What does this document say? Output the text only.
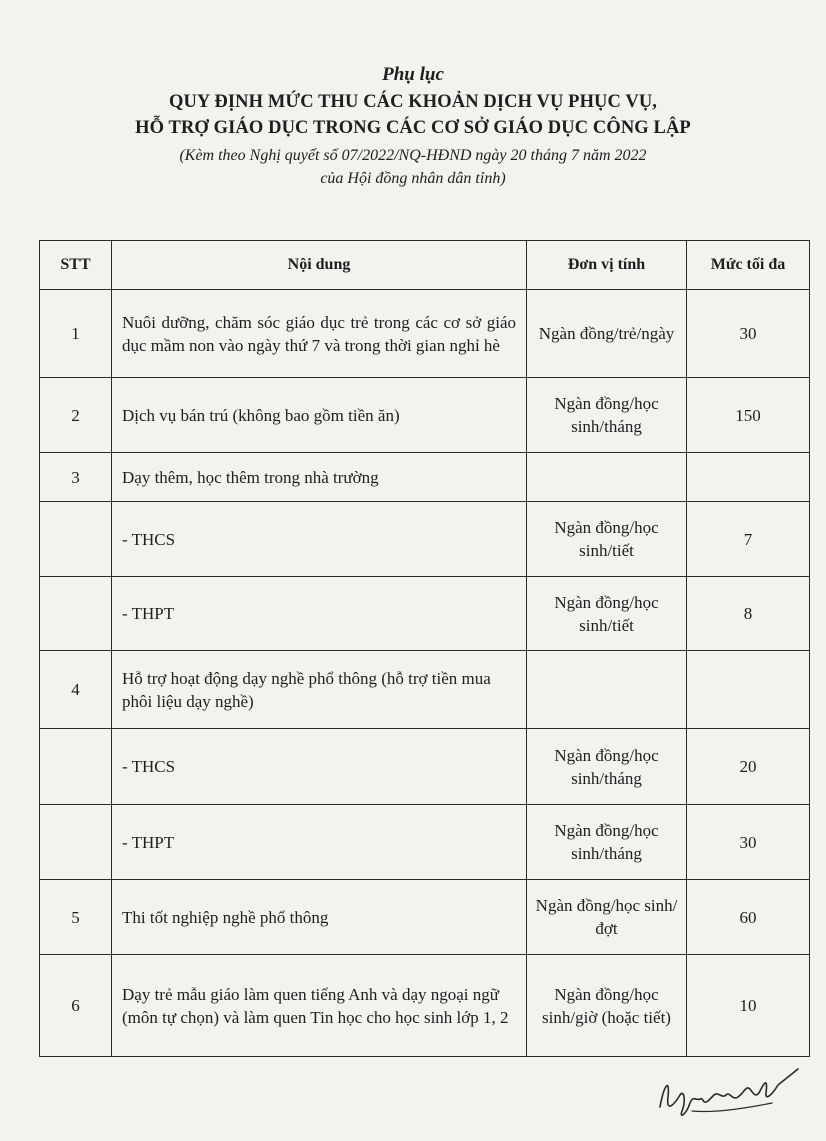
Phụ lục
QUY ĐỊNH MỨC THU CÁC KHOẢN DỊCH VỤ PHỤC VỤ,
HỖ TRỢ GIÁO DỤC TRONG CÁC CƠ SỞ GIÁO DỤC CÔNG LẬP
(Kèm theo Nghị quyết số 07/2022/NQ-HĐND ngày 20 tháng 7 năm 2022
của Hội đồng nhân dân tỉnh)
STT	Nội dung	Đơn vị tính	Mức tối đa
1	Nuôi dưỡng, chăm sóc giáo dục trẻ trong các cơ sở giáo dục mầm non vào ngày thứ 7 và trong thời gian nghỉ hè	Ngàn đồng/trẻ/ngày	30
2	Dịch vụ bán trú (không bao gồm tiền ăn)	Ngàn đồng/học sinh/tháng	150
3	Dạy thêm, học thêm trong nhà trường		
	- THCS	Ngàn đồng/học sinh/tiết	7
	- THPT	Ngàn đồng/học sinh/tiết	8
4	Hỗ trợ hoạt động dạy nghề phổ thông (hỗ trợ tiền mua phôi liệu dạy nghề)		
	- THCS	Ngàn đồng/học sinh/tháng	20
	- THPT	Ngàn đồng/học sinh/tháng	30
5	Thi tốt nghiệp nghề phổ thông	Ngàn đồng/học sinh/đợt	60
6	Dạy trẻ mẫu giáo làm quen tiếng Anh và dạy ngoại ngữ (môn tự chọn) và làm quen Tin học cho học sinh lớp 1, 2	Ngàn đồng/học sinh/giờ (hoặc tiết)	10
